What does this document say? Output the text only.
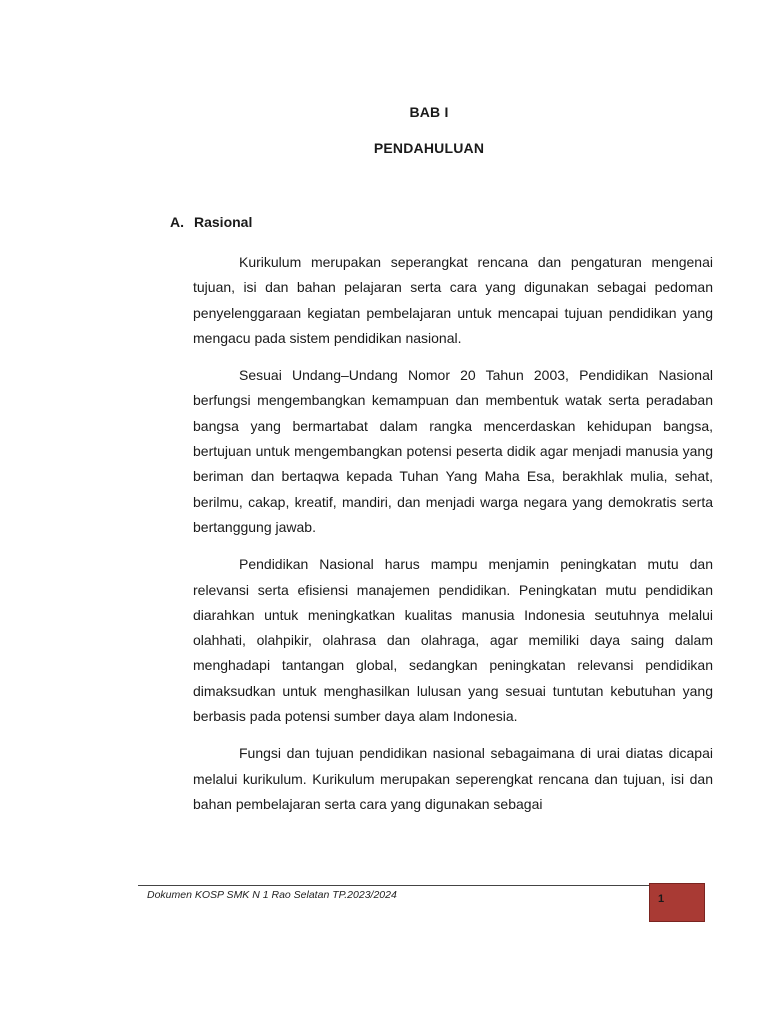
BAB I
PENDAHULUAN
A. Rasional

Kurikulum merupakan seperangkat rencana dan pengaturan mengenai tujuan, isi dan bahan pelajaran serta cara yang digunakan sebagai pedoman penyelenggaraan kegiatan pembelajaran untuk mencapai tujuan pendidikan yang mengacu pada sistem pendidikan nasional.

Sesuai Undang–Undang Nomor 20 Tahun 2003, Pendidikan Nasional berfungsi mengembangkan kemampuan dan membentuk watak serta peradaban bangsa yang bermartabat dalam rangka mencerdaskan kehidupan bangsa, bertujuan untuk mengembangkan potensi peserta didik agar menjadi manusia yang beriman dan bertaqwa kepada Tuhan Yang Maha Esa, berakhlak mulia, sehat, berilmu, cakap, kreatif, mandiri, dan menjadi warga negara yang demokratis serta bertanggung jawab.

Pendidikan Nasional harus mampu menjamin peningkatan mutu dan relevansi serta efisiensi manajemen pendidikan. Peningkatan mutu pendidikan diarahkan untuk meningkatkan kualitas manusia Indonesia seutuhnya melalui olahhati, olahpikir, olahrasa dan olahraga, agar memiliki daya saing dalam menghadapi tantangan global, sedangkan peningkatan relevansi pendidikan dimaksudkan untuk menghasilkan lulusan yang sesuai tuntutan kebutuhan yang berbasis pada potensi sumber daya alam Indonesia.

Fungsi dan tujuan pendidikan nasional sebagaimana di urai diatas dicapai melalui kurikulum. Kurikulum merupakan seperengkat rencana dan tujuan, isi dan bahan pembelajaran serta cara yang digunakan sebagai

Dokumen KOSP SMK N 1 Rao Selatan TP.2023/2024	1
